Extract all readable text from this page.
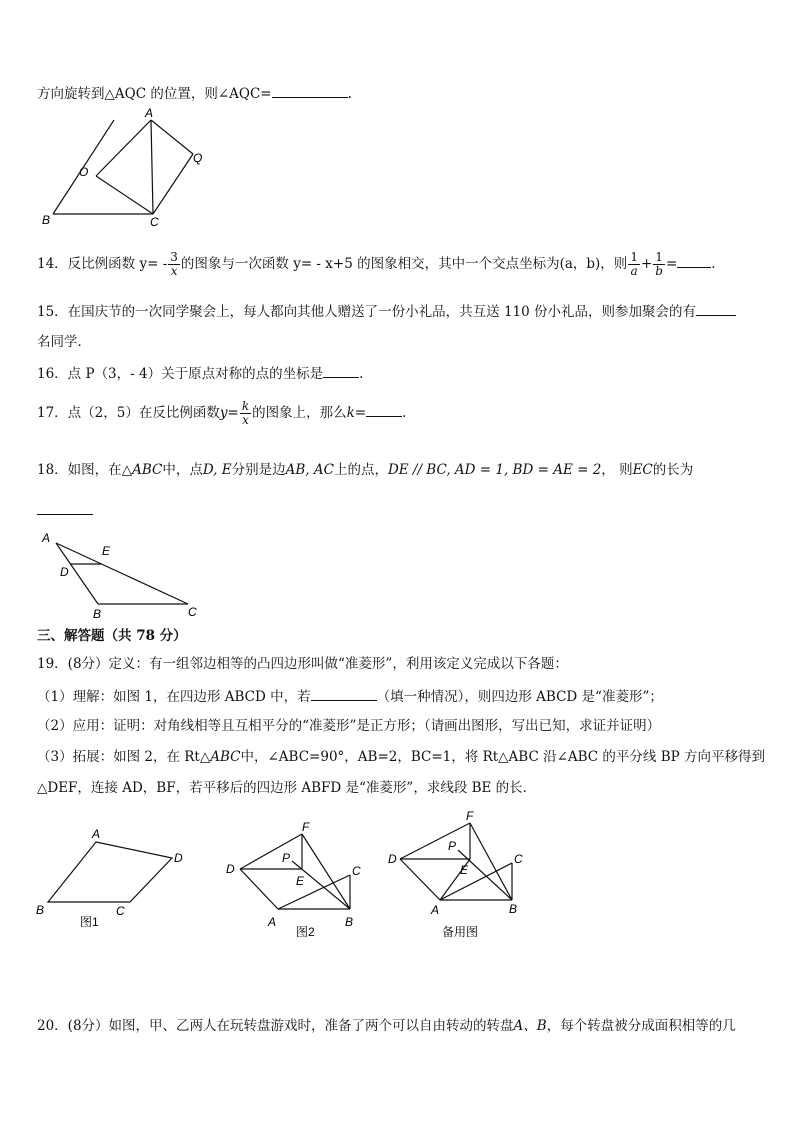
方向旋转到△AQC 的位置，则∠AQC=	.
A
O
Q
B	C
14．反比例函数 $y= - \frac{3}{x}$ 的图象与一次函数 y= - x+5 的图象相交，其中一个交点坐标为(a，b)，则 $\frac{1}{a} + \frac{1}{b}$ =	.
15．在国庆节的一次同学聚会上，每人都向其他人赠送了一份小礼品，共互送 110 份小礼品，则参加聚会的有
名同学．
16．点 P（3，- 4）关于原点对称的点的坐标是	.
17．点（2，5）在反比例函数$y= \frac{k}{x}$ 的图象上，那么k=	.
18．如图，在△ABC中，点D, E分别是边AB, AC上的点，DE // BC, AD = 1, BD = AE = 2， 则EC的长为
A
E
D
B	C
三、解答题（共 78 分）
19．(8分）定义：有一组邻边相等的凸四边形叫做“准菱形”，利用该定义完成以下各题：
（1）理解：如图 1，在四边形 ABCD 中，若	（填一种情况），则四边形 ABCD 是“准菱形”；
（2）应用：证明：对角线相等且互相平分的“准菱形”是正方形；（请画出图形，写出已知，求证并证明）
（3）拓展：如图 2，在 Rt△ABC中，∠ABC=90°，AB=2，BC=1，将 Rt△ABC 沿∠ABC 的平分线 BP 方向平移得到
△DEF，连接 AD，BF，若平移后的四边形 ABFD 是“准菱形”，求线段 BE 的长．
A
D
B	C
图1
F
P
D
E
C
A	B
图2
F
P
D
E
C
A	B
备用图
20．(8分）如图，甲、乙两人在玩转盘游戏时，准备了两个可以自由转动的转盘A、B，每个转盘被分成面积相等的几
